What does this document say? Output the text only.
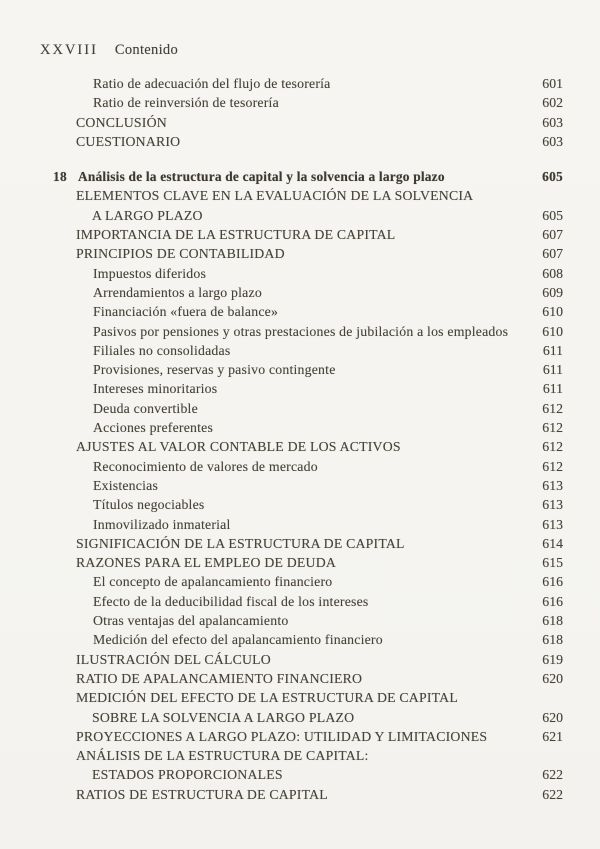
XXVIII Contenido
Ratio de adecuación del flujo de tesorería	601
Ratio de reinversión de tesorería	602
CONCLUSIÓN	603
CUESTIONARIO	603
18 Análisis de la estructura de capital y la solvencia a largo plazo	605
ELEMENTOS CLAVE EN LA EVALUACIÓN DE LA SOLVENCIA
A LARGO PLAZO	605
IMPORTANCIA DE LA ESTRUCTURA DE CAPITAL	607
PRINCIPIOS DE CONTABILIDAD	607
Impuestos diferidos	608
Arrendamientos a largo plazo	609
Financiación «fuera de balance»	610
Pasivos por pensiones y otras prestaciones de jubilación a los empleados	610
Filiales no consolidadas	611
Provisiones, reservas y pasivo contingente	611
Intereses minoritarios	611
Deuda convertible	612
Acciones preferentes	612
AJUSTES AL VALOR CONTABLE DE LOS ACTIVOS	612
Reconocimiento de valores de mercado	612
Existencias	613
Títulos negociables	613
Inmovilizado inmaterial	613
SIGNIFICACIÓN DE LA ESTRUCTURA DE CAPITAL	614
RAZONES PARA EL EMPLEO DE DEUDA	615
El concepto de apalancamiento financiero	616
Efecto de la deducibilidad fiscal de los intereses	616
Otras ventajas del apalancamiento	618
Medición del efecto del apalancamiento financiero	618
ILUSTRACIÓN DEL CÁLCULO	619
RATIO DE APALANCAMIENTO FINANCIERO	620
MEDICIÓN DEL EFECTO DE LA ESTRUCTURA DE CAPITAL
SOBRE LA SOLVENCIA A LARGO PLAZO	620
PROYECCIONES A LARGO PLAZO: UTILIDAD Y LIMITACIONES	621
ANÁLISIS DE LA ESTRUCTURA DE CAPITAL:
ESTADOS PROPORCIONALES	622
RATIOS DE ESTRUCTURA DE CAPITAL	622
